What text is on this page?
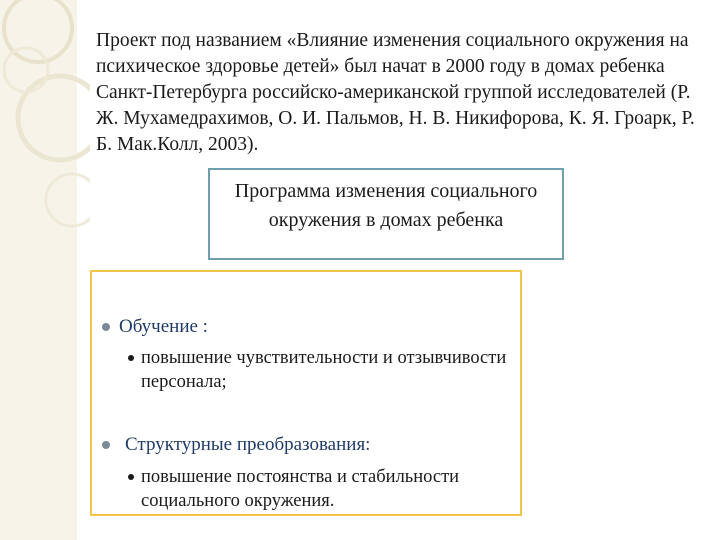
Проект под названием «Влияние изменения социального окружения на психическое здоровье детей» был начат в 2000 году в домах ребенка Санкт-Петербурга российско-американской группой исследователей (Р. Ж. Мухамедрахимов, О. И. Пальмов, Н. В. Никифорова, К. Я. Гроарк, Р. Б. Мак.Колл, 2003).

Программа изменения социального окружения в домах ребенка
Обучение :
повышение чувствительности и отзывчивости персонала;
Структурные преобразования:
повышение постоянства и стабильности социального окружения.
